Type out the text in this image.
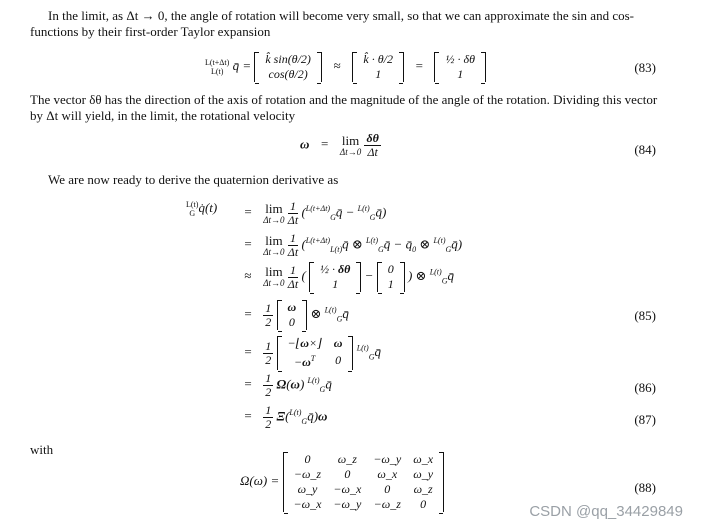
In the limit, as Δt → 0, the angle of rotation will become very small, so that we can approximate the sin and cos-functions by their first-order Taylor expansion
L(t+Δt)
L(t) q̄ = k̂ sin(θ/2)
cos(θ/2)
≈ k̂ · θ/2
1
= ½ · δθ
1	(83)
The vector δθ has the direction of the axis of rotation and the magnitude of the angle of the rotation. Dividing this vector by Δt will yield, in the limit, the rotational velocity
ω = lim
Δt→0
$\frac{\delta\theta}{\Delta t}$	(84)
We are now ready to derive the quaternion derivative as
L(t)
G q̇(t)	= lim
Δt→0
$\frac{1}{\Delta t}$ ($^{L(t+\Delta t)}_G$q̄ − $^{L(t)}_G$q̄)
= lim
Δt→0
$\frac{1}{\Delta t}$ ($^{L(t+\Delta t)}_{L(t)}$q̄ ⊗ $^{L(t)}_G$q̄ − $q̄_0$ ⊗ $^{L(t)}_G$q̄)
≈ lim
Δt→0
$\frac{1}{\Delta t}$ ( ½ · δθ
1
− 0
1
) ⊗ $^{L(t)}_G$q̄
= $\frac{1}{2}$
ω
0
⊗ $^{L(t)}_G$q̄	(85)
= $\frac{1}{2}$
−⌊ω×⌋	ω
$-\omega^T$	0
$^{L(t)}_G$q̄
= $\frac{1}{2} \Omega(\omega)$ $^{L(t)}_G$q̄	(86)
= $\frac{1}{2}$ Ξ($^{L(t)}_G$q̄)ω	(87)
with
Ω(ω) =
0	ω_z	−ω_y	ω_x
−ω_z	0	ω_x	ω_y
ω_y	−ω_x	0	ω_z
−ω_x	−ω_y	−ω_z	0
(88)
CSDN @qq_34429849
